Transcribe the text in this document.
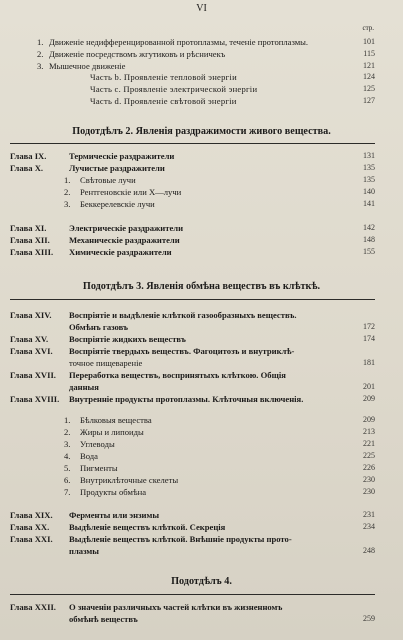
VI
стр.
1. Движенiе недифференцированной протоплазмы, теченiе протоплазмы.	101
2. Движенiе посредствомъ жгутиковъ и рѣсничекъ	115
3. Мышечное движенiе	121
Часть b. Проявленiе тепловой энергiи	124
Часть c. Проявленiе электрической энергiи	125
Часть d. Проявленiе свѣтовой энергiи	127
Глава IX.	Термическiе раздражители	131
Глава X.	Лучистые раздражители	135
1. Свѣтовые лучи	135
2. Рентгеновскiе или X—лучи	140
3. Беккерелевскiе лучи	141
Глава XI.	Электрическiе раздражители	142
Глава XII. Механическiе раздражители	148
Глава XIII. Химическiе раздражители	155
Глава XIV. Воспрiятiе и выдѣленiе клѣткой газообразныхъ веществъ.
Обмѣнъ газовъ	172
Глава XV. Воспрiятiе жидкихъ веществъ	174
Глава XVI. Воспрiятiе твердыхъ веществъ. Фагоцитозъ и внутриклѣ-
точное пищеваренiе	181
Глава XVII. Переработка веществъ, воспринятыхъ клѣткою. Общiя
данныя	201
Глава XVIII. Внутреннiе продукты протоплазмы. Клѣточныя включенiя.	209
1. Бѣлковыя вещества	209
2. Жиры и липоиды	213
3. Углеводы	221
4. Вода	225
5. Пигменты	226
6. Внутриклѣточные скелеты	230
7. Продукты обмѣна	230
Глава XIX. Ферменты или энзимы	231
Глава XX. Выдѣленiе веществъ клѣткой. Секрецiя	234
Глава XXI. Выдѣленiе веществъ клѣткой. Внѣшнiе продукты прото-
плазмы	248
Глава XXII. О значенiи различныхъ частей клѣтки въ жизненномъ
обмѣнѣ веществъ	259
Подотдѣлъ 2. Явленiя раздражимости живого вещества.
Подотдѣлъ 3. Явленiя обмѣна веществъ въ клѣткѣ.
Подотдѣлъ 4.
